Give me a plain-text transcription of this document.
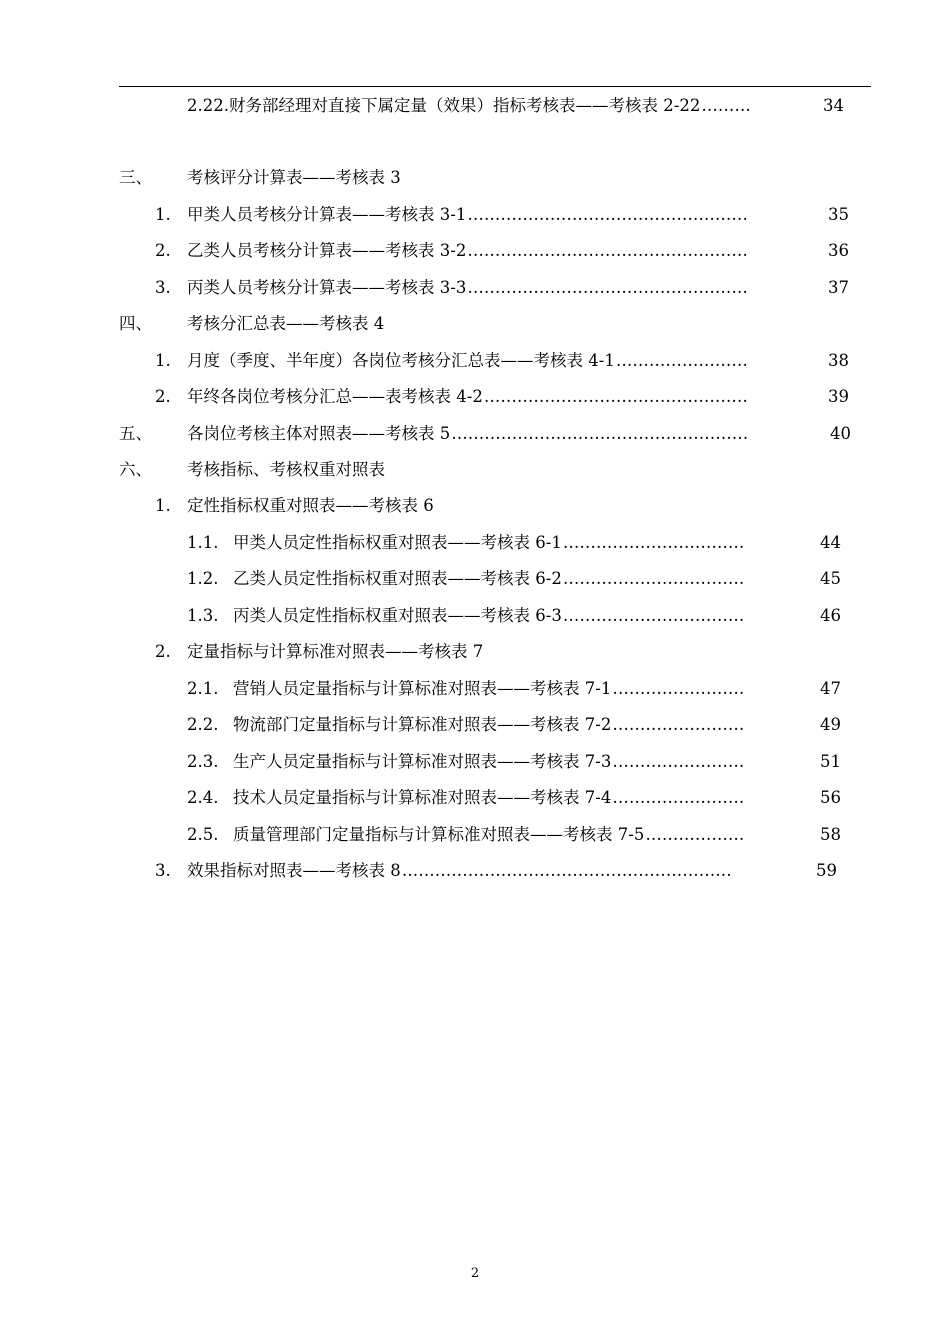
2.22. 财务部经理对直接下属定量（效果）指标考核表——考核表 2-22 ………	34
三、	考核评分计算表——考核表 3
1. 甲类人员考核分计算表——考核表 3-1 ……………………………………………	35
2. 乙类人员考核分计算表——考核表 3-2 ……………………………………………	36
3. 丙类人员考核分计算表——考核表 3-3 ……………………………………………	37
四、	考核分汇总表——考核表 4
1. 月度（季度、半年度）各岗位考核分汇总表——考核表 4-1 ……………………	38
2. 年终各岗位考核分汇总——表考核表 4-2 …………………………………………	39
五、	各岗位考核主体对照表——考核表 5 ………………………………………………	40
六、	考核指标、考核权重对照表
1. 定性指标权重对照表——考核表 6
1.1. 甲类人员定性指标权重对照表——考核表 6-1 ……………………………	44
1.2. 乙类人员定性指标权重对照表——考核表 6-2 ……………………………	45
1.3. 丙类人员定性指标权重对照表——考核表 6-3 ……………………………	46
2. 定量指标与计算标准对照表——考核表 7
2.1. 营销人员定量指标与计算标准对照表——考核表 7-1 ……………………	47
2.2. 物流部门定量指标与计算标准对照表——考核表 7-2 ……………………	49
2.3. 生产人员定量指标与计算标准对照表——考核表 7-3 ……………………	51
2.4. 技术人员定量指标与计算标准对照表——考核表 7-4 ……………………	56
2.5. 质量管理部门定量指标与计算标准对照表——考核表 7-5 ………………	58
3. 效果指标对照表——考核表 8 ……………………………………………………	59
2
